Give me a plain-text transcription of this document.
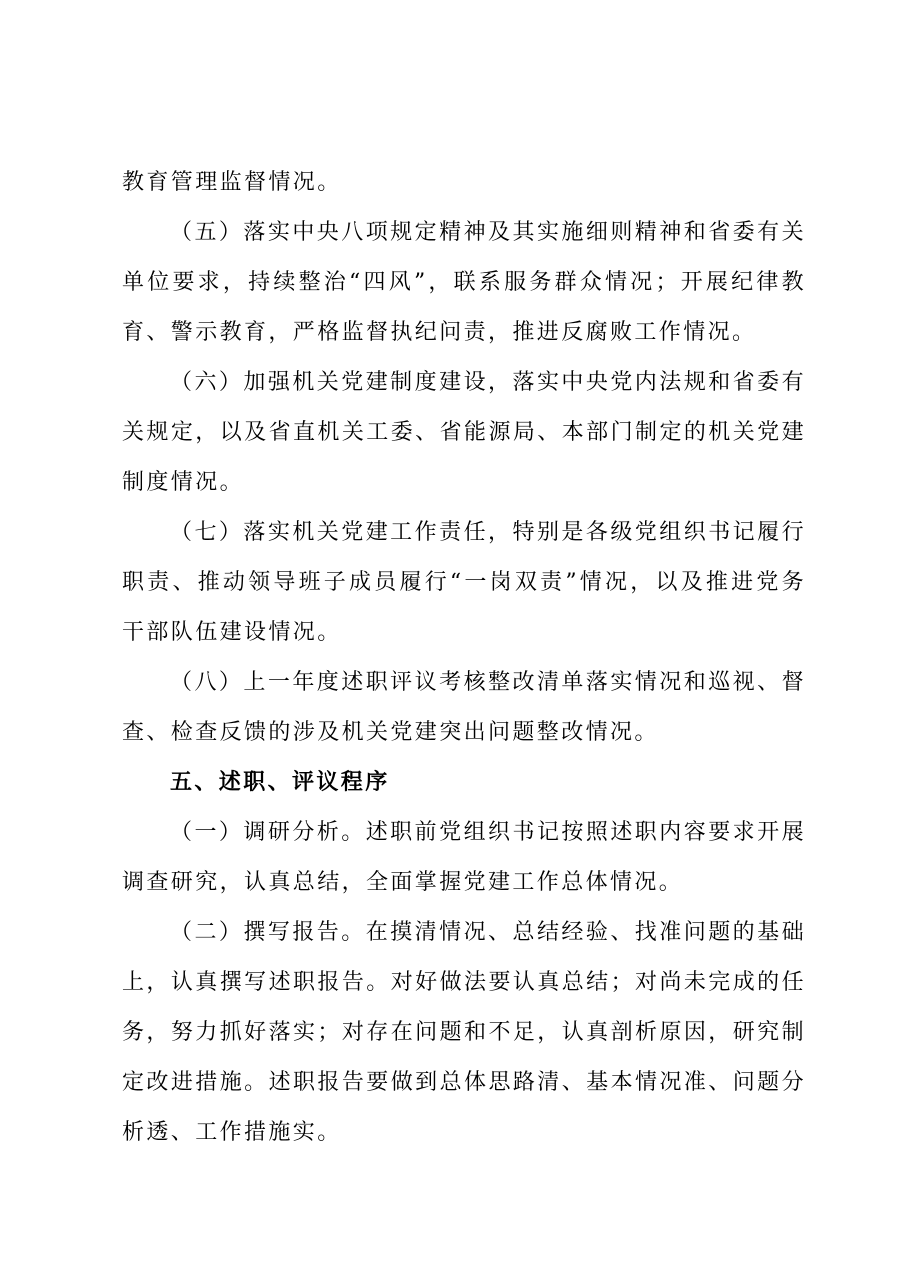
教育管理监督情况。

（五）落实中央八项规定精神及其实施细则精神和省委有关单位要求，持续整治“四风”，联系服务群众情况；开展纪律教育、警示教育，严格监督执纪问责，推进反腐败工作情况。

（六）加强机关党建制度建设，落实中央党内法规和省委有关规定，以及省直机关工委、省能源局、本部门制定的机关党建制度情况。

（七）落实机关党建工作责任，特别是各级党组织书记履行职责、推动领导班子成员履行“一岗双责”情况，以及推进党务干部队伍建设情况。

（八）上一年度述职评议考核整改清单落实情况和巡视、督查、检查反馈的涉及机关党建突出问题整改情况。

五、述职、评议程序

（一）调研分析。述职前党组织书记按照述职内容要求开展调查研究，认真总结，全面掌握党建工作总体情况。

（二）撰写报告。在摸清情况、总结经验、找准问题的基础上，认真撰写述职报告。对好做法要认真总结；对尚未完成的任务，努力抓好落实；对存在问题和不足，认真剖析原因，研究制定改进措施。述职报告要做到总体思路清、基本情况准、问题分析透、工作措施实。
